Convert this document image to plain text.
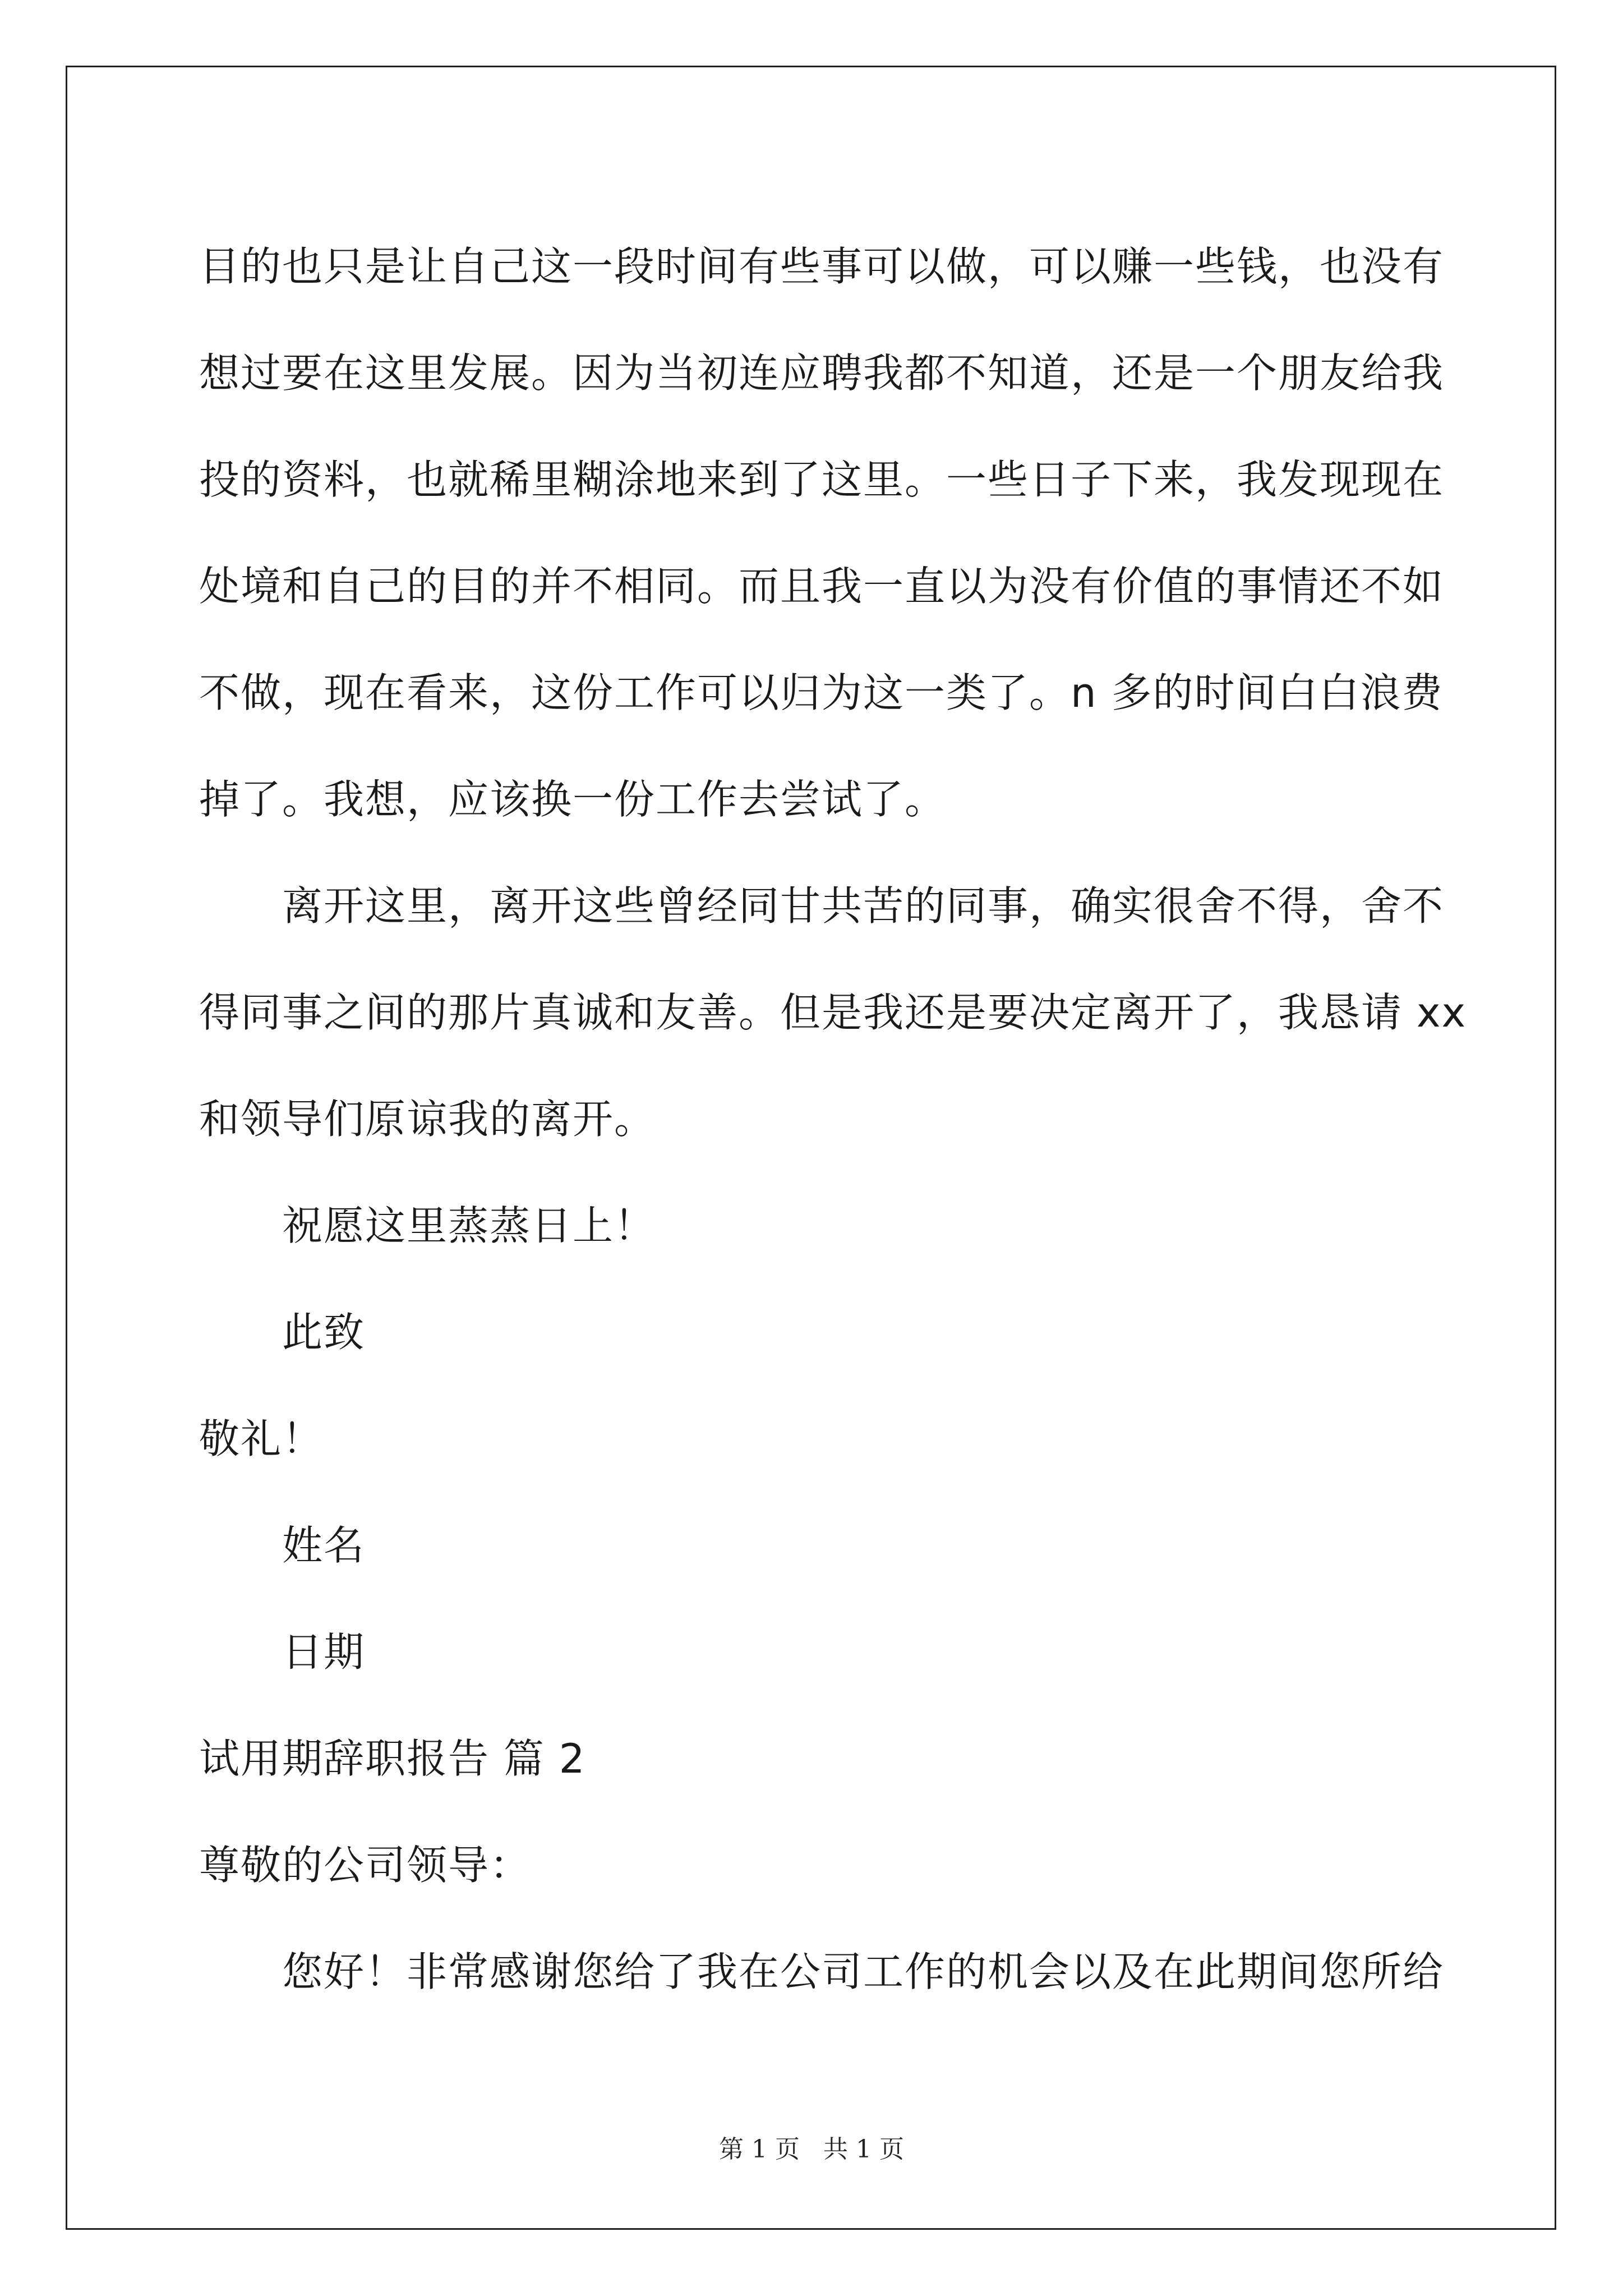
目的也只是让自己这一段时间有些事可以做，可以赚一些钱，也没有
想过要在这里发展。因为当初连应聘我都不知道，还是一个朋友给我
投的资料，也就稀里糊涂地来到了这里。一些日子下来，我发现现在
处境和自己的目的并不相同。而且我一直以为没有价值的事情还不如
不做，现在看来，这份工作可以归为这一类了。n 多的时间白白浪费
掉了。我想，应该换一份工作去尝试了。
离开这里，离开这些曾经同甘共苦的同事，确实很舍不得，舍不
得同事之间的那片真诚和友善。但是我还是要决定离开了，我恳请 xx
和领导们原谅我的离开。
祝愿这里蒸蒸日上！
此致
敬礼！
姓名
日期
试用期辞职报告 篇 2
尊敬的公司领导：
您好！非常感谢您给了我在公司工作的机会以及在此期间您所给
第 1 页 共 1 页
